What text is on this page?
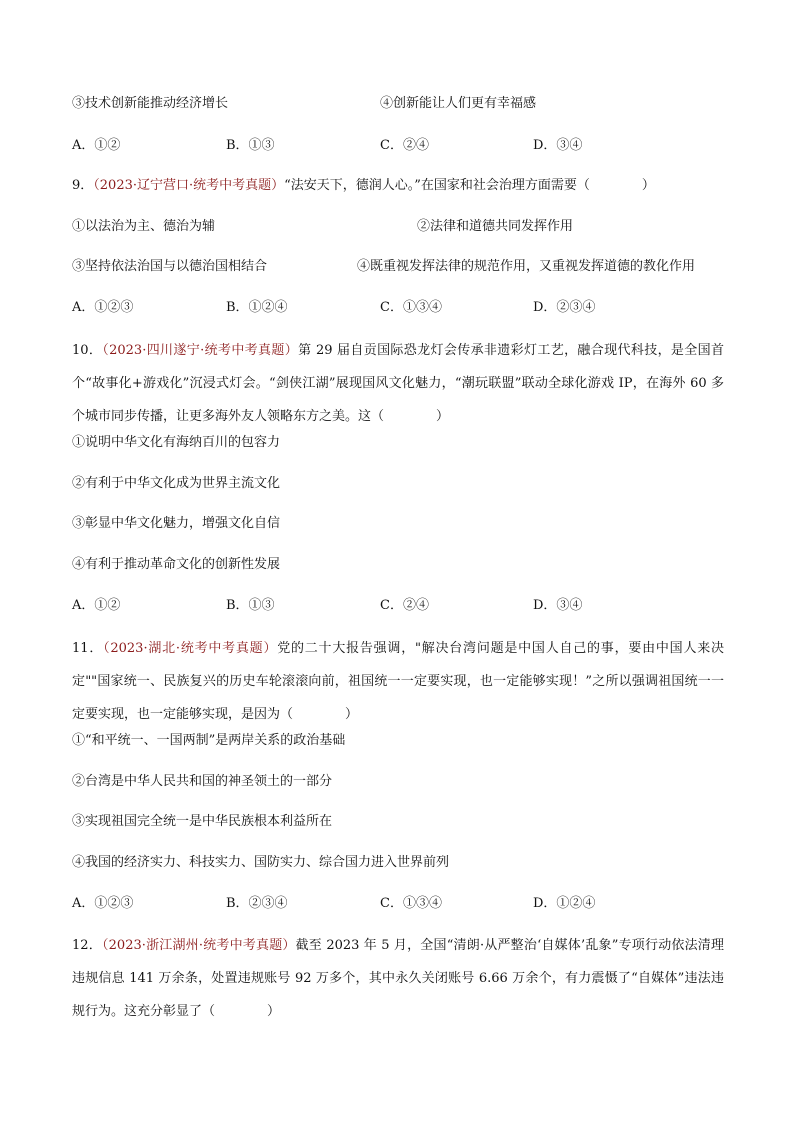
③技术创新能推动经济增长	④创新能让人们更有幸福感
A．①②	B．①③	C．②④	D．③④
9．（2023·辽宁营口·统考中考真题）“法安天下，德润人心。”在国家和社会治理方面需要（　　　　）
①以法治为主、德治为辅	②法律和道德共同发挥作用
③坚持依法治国与以德治国相结合	④既重视发挥法律的规范作用，又重视发挥道德的教化作用
A．①②③	B．①②④	C．①③④	D．②③④
10．（2023·四川遂宁·统考中考真题）第 29 届自贡国际恐龙灯会传承非遗彩灯工艺，融合现代科技，是全国首个“故事化+游戏化”沉浸式灯会。“剑侠江湖”展现国风文化魅力，“潮玩联盟”联动全球化游戏 IP，在海外 60 多个城市同步传播，让更多海外友人领略东方之美。这（　　　　）
①说明中华文化有海纳百川的包容力
②有利于中华文化成为世界主流文化
③彰显中华文化魅力，增强文化自信
④有利于推动革命文化的创新性发展
A．①②	B．①③	C．②④	D．③④
11．（2023·湖北·统考中考真题）党的二十大报告强调，"解决台湾问题是中国人自己的事，要由中国人来决定""国家统一、民族复兴的历史车轮滚滚向前，祖国统一一定要实现，也一定能够实现！”之所以强调祖国统一一定要实现，也一定能够实现，是因为（　　　　）
①“和平统一、一国两制”是两岸关系的政治基础
②台湾是中华人民共和国的神圣领土的一部分
③实现祖国完全统一是中华民族根本利益所在
④我国的经济实力、科技实力、国防实力、综合国力进入世界前列
A．①②③	B．②③④	C．①③④	D．①②④
12．（2023·浙江湖州·统考中考真题）截至 2023 年 5 月，全国“清朗·从严整治‘自媒体’乱象”专项行动依法清理违规信息 141 万余条，处置违规账号 92 万多个，其中永久关闭账号 6.66 万余个，有力震慑了“自媒体”违法违规行为。这充分彰显了（　　　　）
